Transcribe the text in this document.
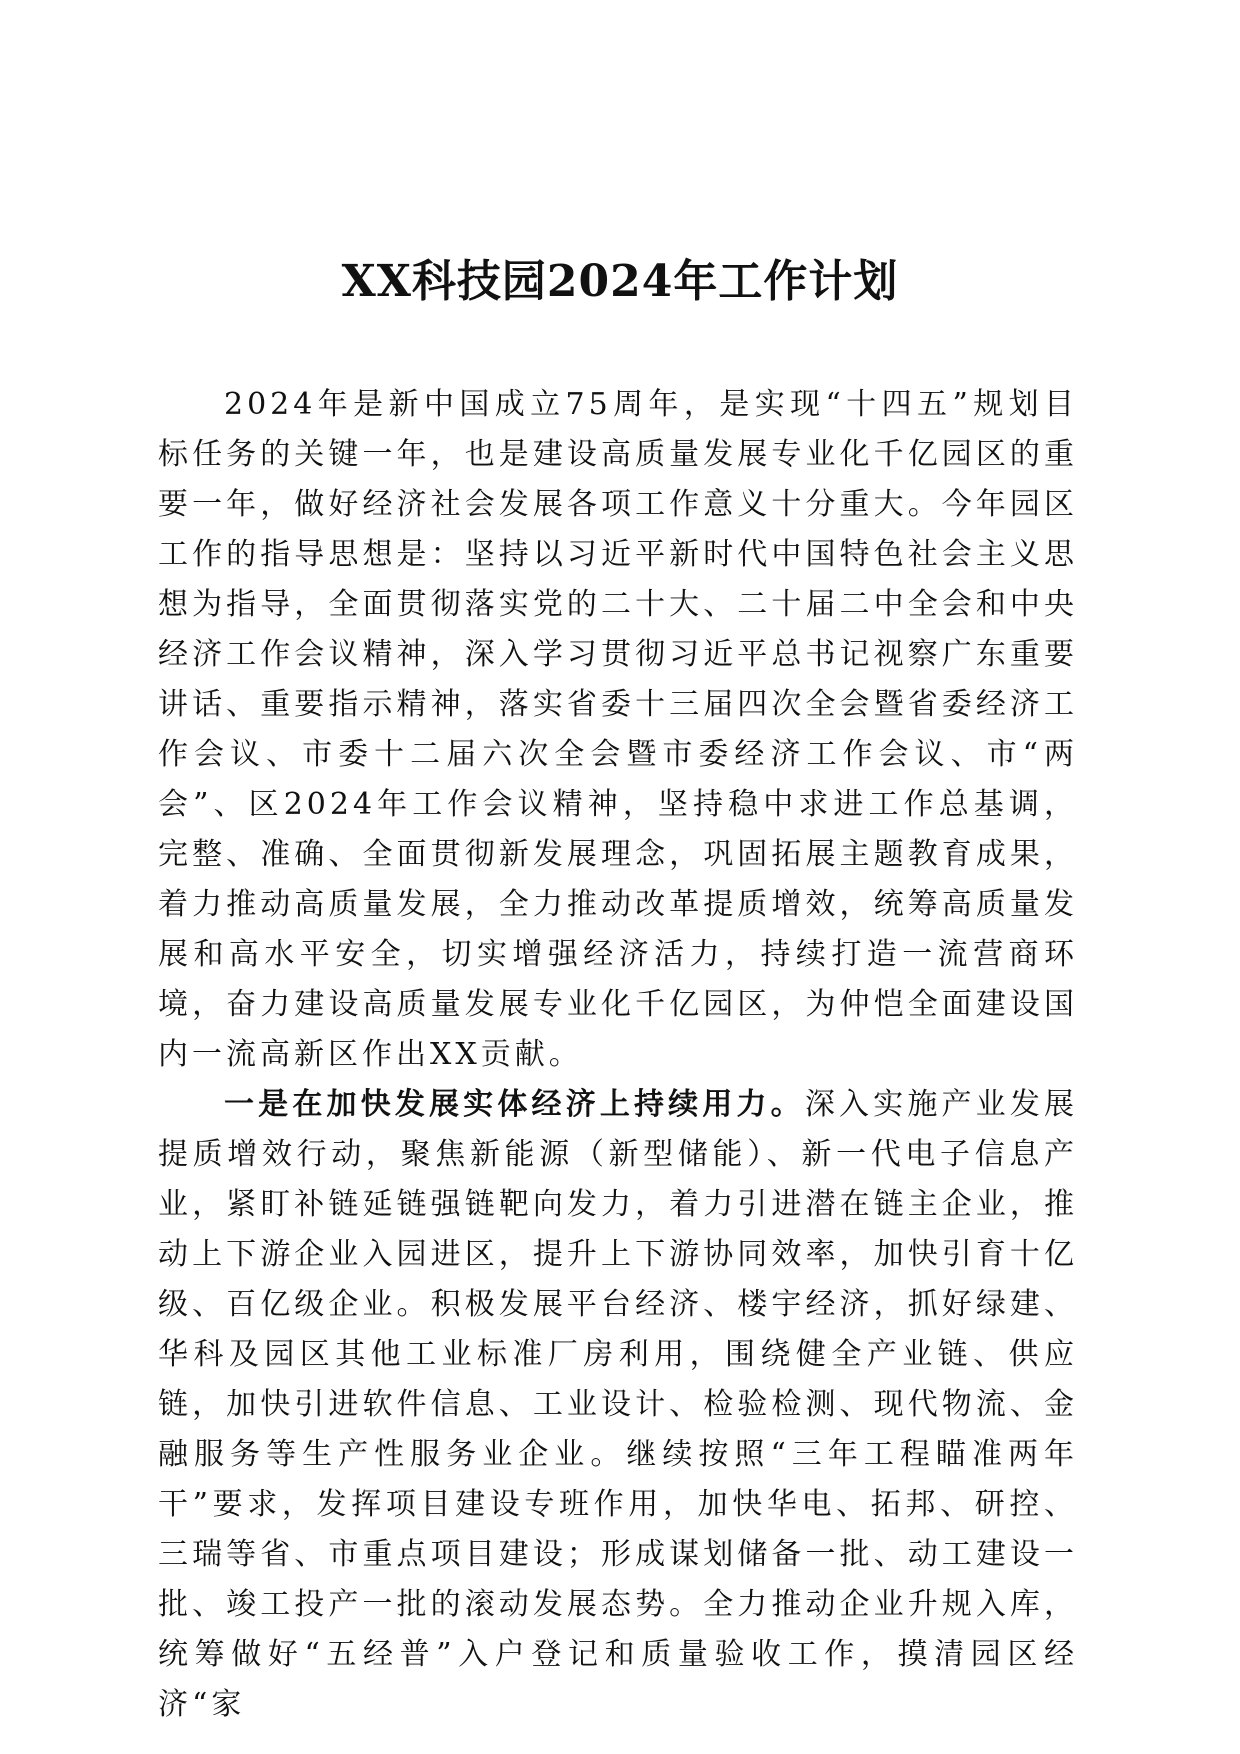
XX科技园2024年工作计划

2024年是新中国成立75周年，是实现“十四五”规划目标任务的关键一年，也是建设高质量发展专业化千亿园区的重要一年，做好经济社会发展各项工作意义十分重大。今年园区工作的指导思想是：坚持以习近平新时代中国特色社会主义思想为指导，全面贯彻落实党的二十大、二十届二中全会和中央经济工作会议精神，深入学习贯彻习近平总书记视察广东重要讲话、重要指示精神，落实省委十三届四次全会暨省委经济工作会议、市委十二届六次全会暨市委经济工作会议、市“两会”、区2024年工作会议精神，坚持稳中求进工作总基调，完整、准确、全面贯彻新发展理念，巩固拓展主题教育成果，着力推动高质量发展，全力推动改革提质增效，统筹高质量发展和高水平安全，切实增强经济活力，持续打造一流营商环境，奋力建设高质量发展专业化千亿园区，为仲恺全面建设国内一流高新区作出XX贡献。

一是在加快发展实体经济上持续用力。深入实施产业发展提质增效行动，聚焦新能源（新型储能）、新一代电子信息产业，紧盯补链延链强链靶向发力，着力引进潜在链主企业，推动上下游企业入园进区，提升上下游协同效率，加快引育十亿级、百亿级企业。积极发展平台经济、楼宇经济，抓好绿建、华科及园区其他工业标准厂房利用，围绕健全产业链、供应链，加快引进软件信息、工业设计、检验检测、现代物流、金融服务等生产性服务业企业。继续按照“三年工程瞄准两年干”要求，发挥项目建设专班作用，加快华电、拓邦、研控、三瑞等省、市重点项目建设；形成谋划储备一批、动工建设一批、竣工投产一批的滚动发展态势。全力推动企业升规入库，统筹做好“五经普”入户登记和质量验收工作，摸清园区经济“家
